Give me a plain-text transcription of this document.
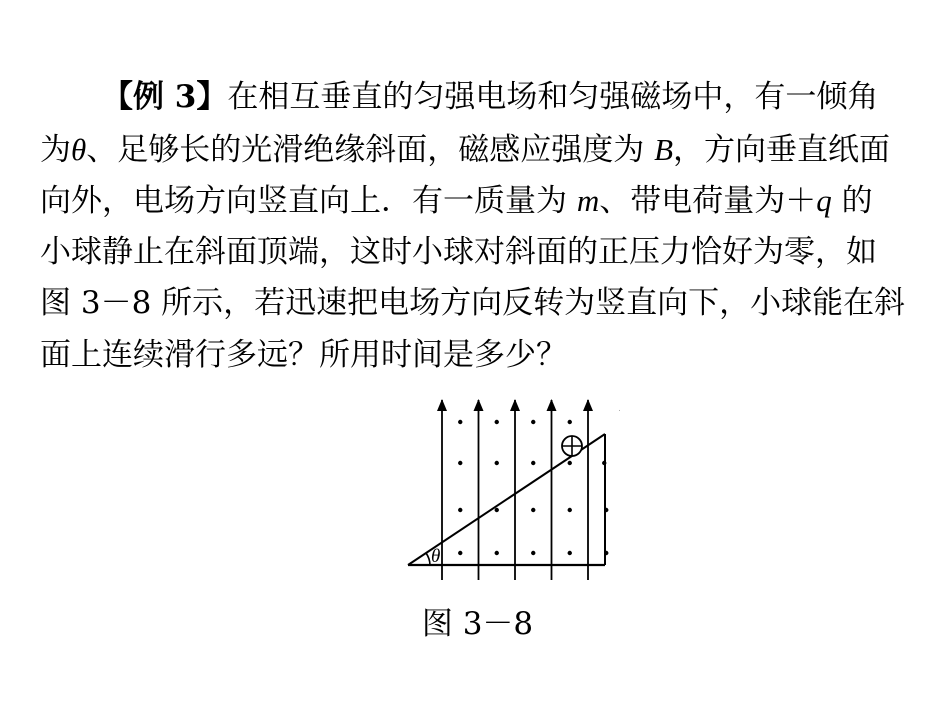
【例 3】在相互垂直的匀强电场和匀强磁场中，有一倾角
为θ、足够长的光滑绝缘斜面，磁感应强度为 B，方向垂直纸面
向外，电场方向竖直向上．有一质量为 m、带电荷量为＋q 的
小球静止在斜面顶端，这时小球对斜面的正压力恰好为零，如
图 3－8 所示，若迅速把电场方向反转为竖直向下，小球能在斜
面上连续滑行多远？所用时间是多少？
θ
图 3－8
